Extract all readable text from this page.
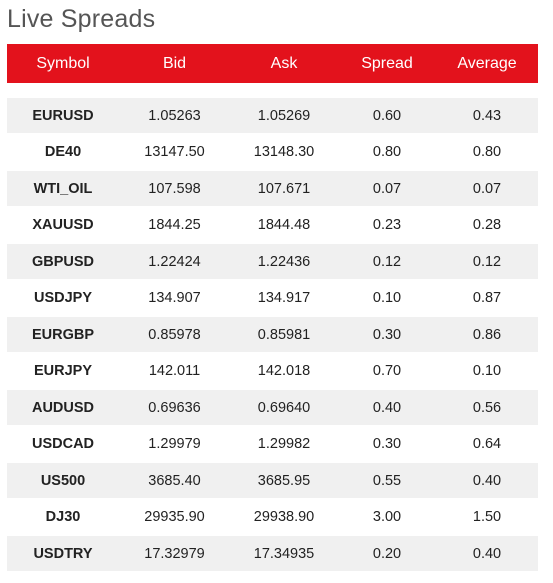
Live Spreads
Symbol	Bid	Ask	Spread	Average
EURUSD	1.05263	1.05269	0.60	0.43
DE40	13147.50	13148.30	0.80	0.80
WTI_OIL	107.598	107.671	0.07	0.07
XAUUSD	1844.25	1844.48	0.23	0.28
GBPUSD	1.22424	1.22436	0.12	0.12
USDJPY	134.907	134.917	0.10	0.87
EURGBP	0.85978	0.85981	0.30	0.86
EURJPY	142.011	142.018	0.70	0.10
AUDUSD	0.69636	0.69640	0.40	0.56
USDCAD	1.29979	1.29982	0.30	0.64
US500	3685.40	3685.95	0.55	0.40
DJ30	29935.90	29938.90	3.00	1.50
USDTRY	17.32979	17.34935	0.20	0.40
